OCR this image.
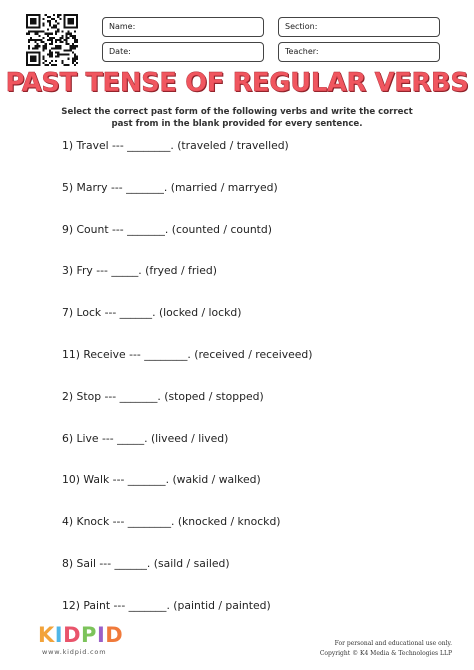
Name:	Section:
Date:	Teacher:
PAST TENSE OF REGULAR VERBS
Select the correct past form of the following verbs and write the correct
past from in the blank provided for every sentence.
1) Travel --- ________. (traveled / travelled)
5) Marry --- _______. (married / marryed)
9) Count --- _______. (counted / countd)
3) Fry --- _____. (fryed / fried)
7) Lock --- ______. (locked / lockd)
11) Receive --- ________. (received / receiveed)
2) Stop --- _______. (stoped / stopped)
6) Live --- _____. (liveed / lived)
10) Walk --- _______. (wakid / walked)
4) Knock --- ________. (knocked / knockd)
8) Sail --- ______. (saild / sailed)
12) Paint --- _______. (paintid / painted)
KIDPID
www.kidpid.com
For personal and educational use only.
Copyright © K4 Media & Technologies LLP
